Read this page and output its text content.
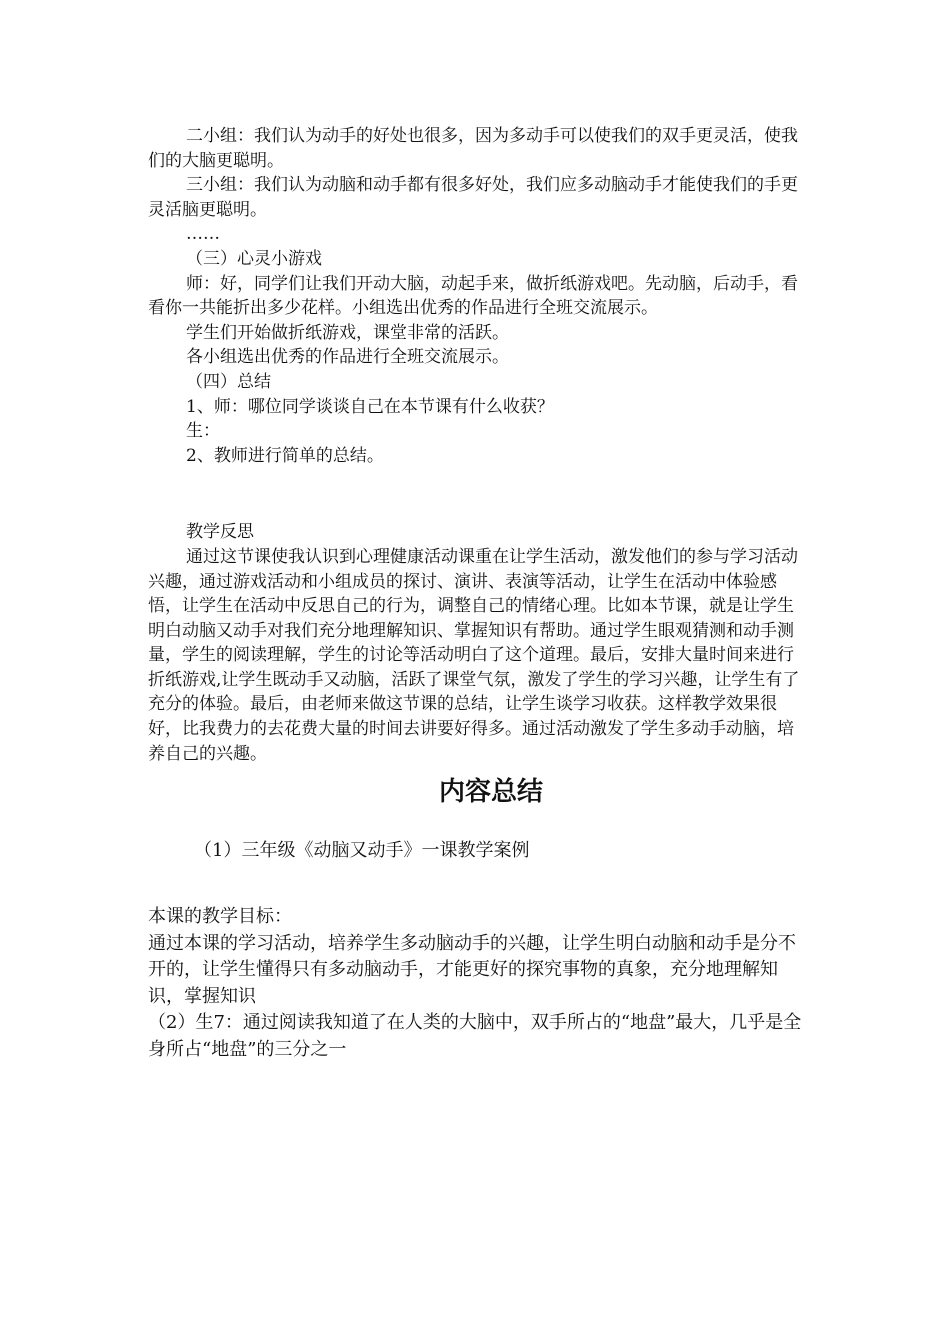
二小组：我们认为动手的好处也很多，因为多动手可以使我们的双手更灵活，使我们的大脑更聪明。

三小组：我们认为动脑和动手都有很多好处，我们应多动脑动手才能使我们的手更灵活脑更聪明。

……

（三）心灵小游戏

师：好，同学们让我们开动大脑，动起手来，做折纸游戏吧。先动脑，后动手，看看你一共能折出多少花样。小组选出优秀的作品进行全班交流展示。

学生们开始做折纸游戏，课堂非常的活跃。

各小组选出优秀的作品进行全班交流展示。

（四）总结

1、师：哪位同学谈谈自己在本节课有什么收获？

生：

2、教师进行简单的总结。

教学反思

通过这节课使我认识到心理健康活动课重在让学生活动，激发他们的参与学习活动兴趣，通过游戏活动和小组成员的探讨、演讲、表演等活动，让学生在活动中体验感悟，让学生在活动中反思自己的行为，调整自己的情绪心理。比如本节课，就是让学生明白动脑又动手对我们充分地理解知识、掌握知识有帮助。通过学生眼观猜测和动手测量，学生的阅读理解，学生的讨论等活动明白了这个道理。最后，安排大量时间来进行折纸游戏,让学生既动手又动脑，活跃了课堂气氛，激发了学生的学习兴趣，让学生有了充分的体验。最后，由老师来做这节课的总结，让学生谈学习收获。这样教学效果很好，比我费力的去花费大量的时间去讲要好得多。通过活动激发了学生多动手动脑，培养自己的兴趣。

内容总结

（1）三年级《动脑又动手》一课教学案例

本课的教学目标：

通过本课的学习活动，培养学生多动脑动手的兴趣，让学生明白动脑和动手是分不开的，让学生懂得只有多动脑动手，才能更好的探究事物的真象，充分地理解知识，掌握知识

（2）生7：通过阅读我知道了在人类的大脑中，双手所占的“地盘”最大，几乎是全身所占“地盘”的三分之一
